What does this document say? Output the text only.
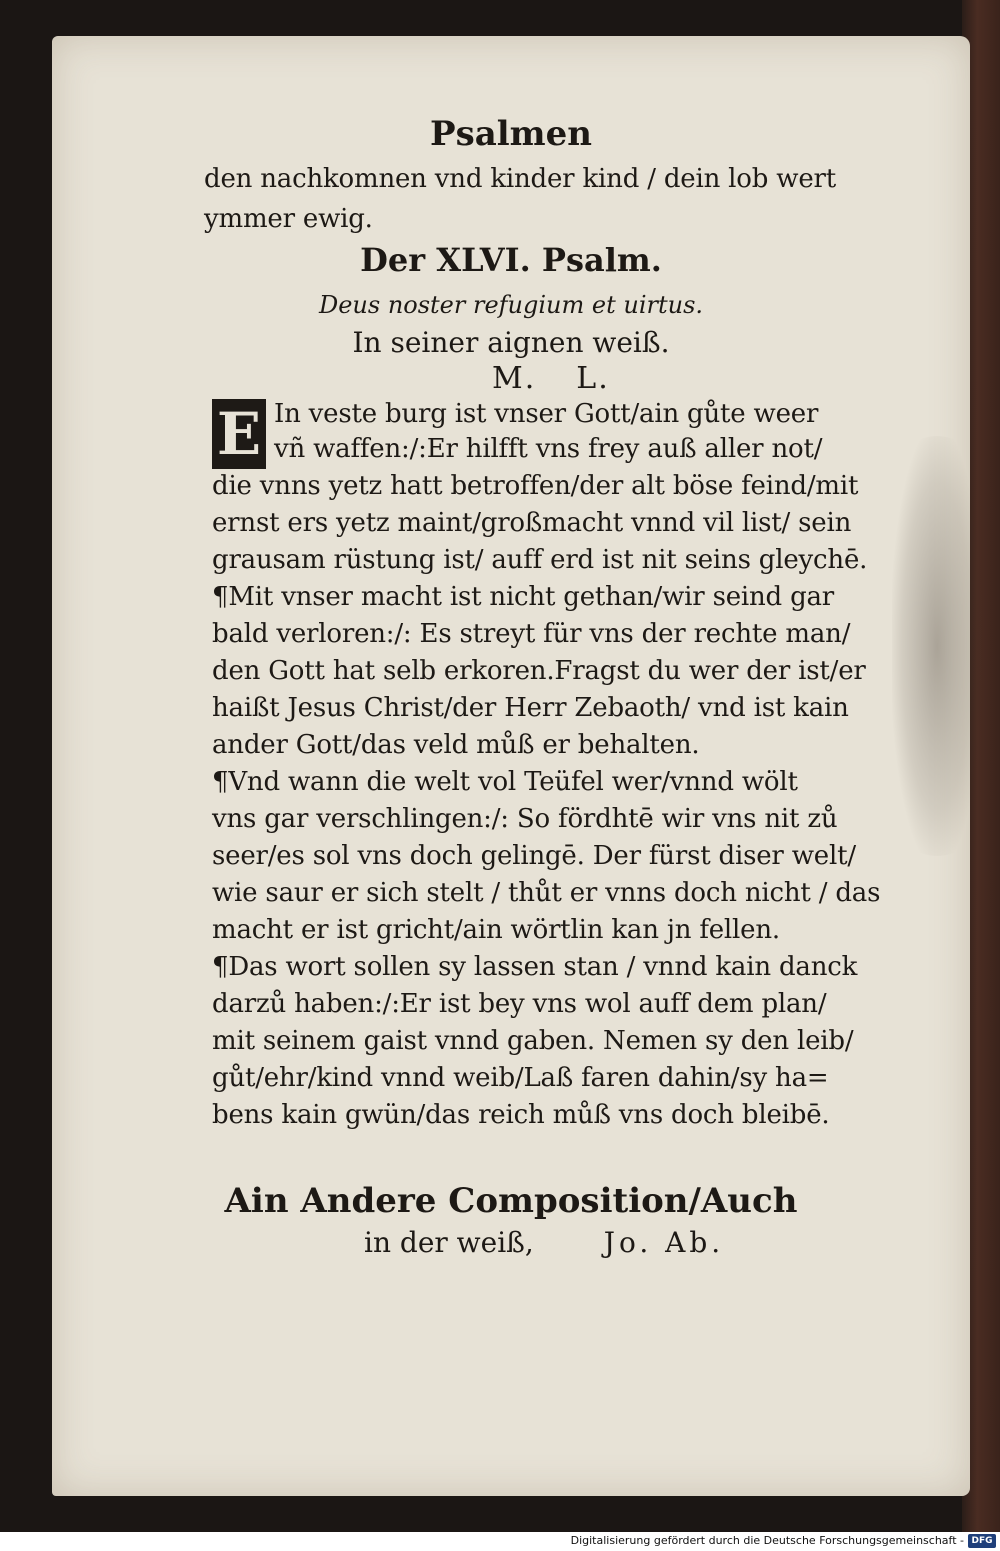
Psalmen
den nachkomnen vnd kinder kind / dein lob wert
ymmer ewig.
Der XLVI. Psalm.
Deus noster refugium et uirtus.
In seiner aignen weiß.
M. L.
E In veste burg ist vnser Gott/ain gůte weer
vñ waffen:/:Er hilfft vns frey auß aller not/
die vnns yetz hatt betroffen/der alt böse feind/mit
ernst ers yetz maint/großmacht vnnd vil list/ sein
grausam rüstung ist/ auff erd ist nit seins gleychē.
¶Mit vnser macht ist nicht gethan/wir seind gar
bald verloren:/: Es streyt für vns der rechte man/
den Gott hat selb erkoren.Fragst du wer der ist/er
haißt Jesus Christ/der Herr Zebaoth/ vnd ist kain
ander Gott/das veld můß er behalten.
¶Vnd wann die welt vol Teüfel wer/vnnd wölt
vns gar verschlingen:/: So fördhtē wir vns nit zů
seer/es sol vns doch gelingē. Der fürst diser welt/
wie saur er sich stelt / thůt er vnns doch nicht / das
macht er ist gricht/ain wörtlin kan jn fellen.
¶Das wort sollen sy lassen stan / vnnd kain danck
darzů haben:/:Er ist bey vns wol auff dem plan/
mit seinem gaist vnnd gaben. Nemen sy den leib/
gůt/ehr/kind vnnd weib/Laß faren dahin/sy ha=
bens kain gwün/das reich můß vns doch bleibē.
Ain Andere Composition/Auch
in der weiß,	Jo. Ab.
Digitalisierung gefördert durch die Deutsche Forschungsgemeinschaft - DFG
